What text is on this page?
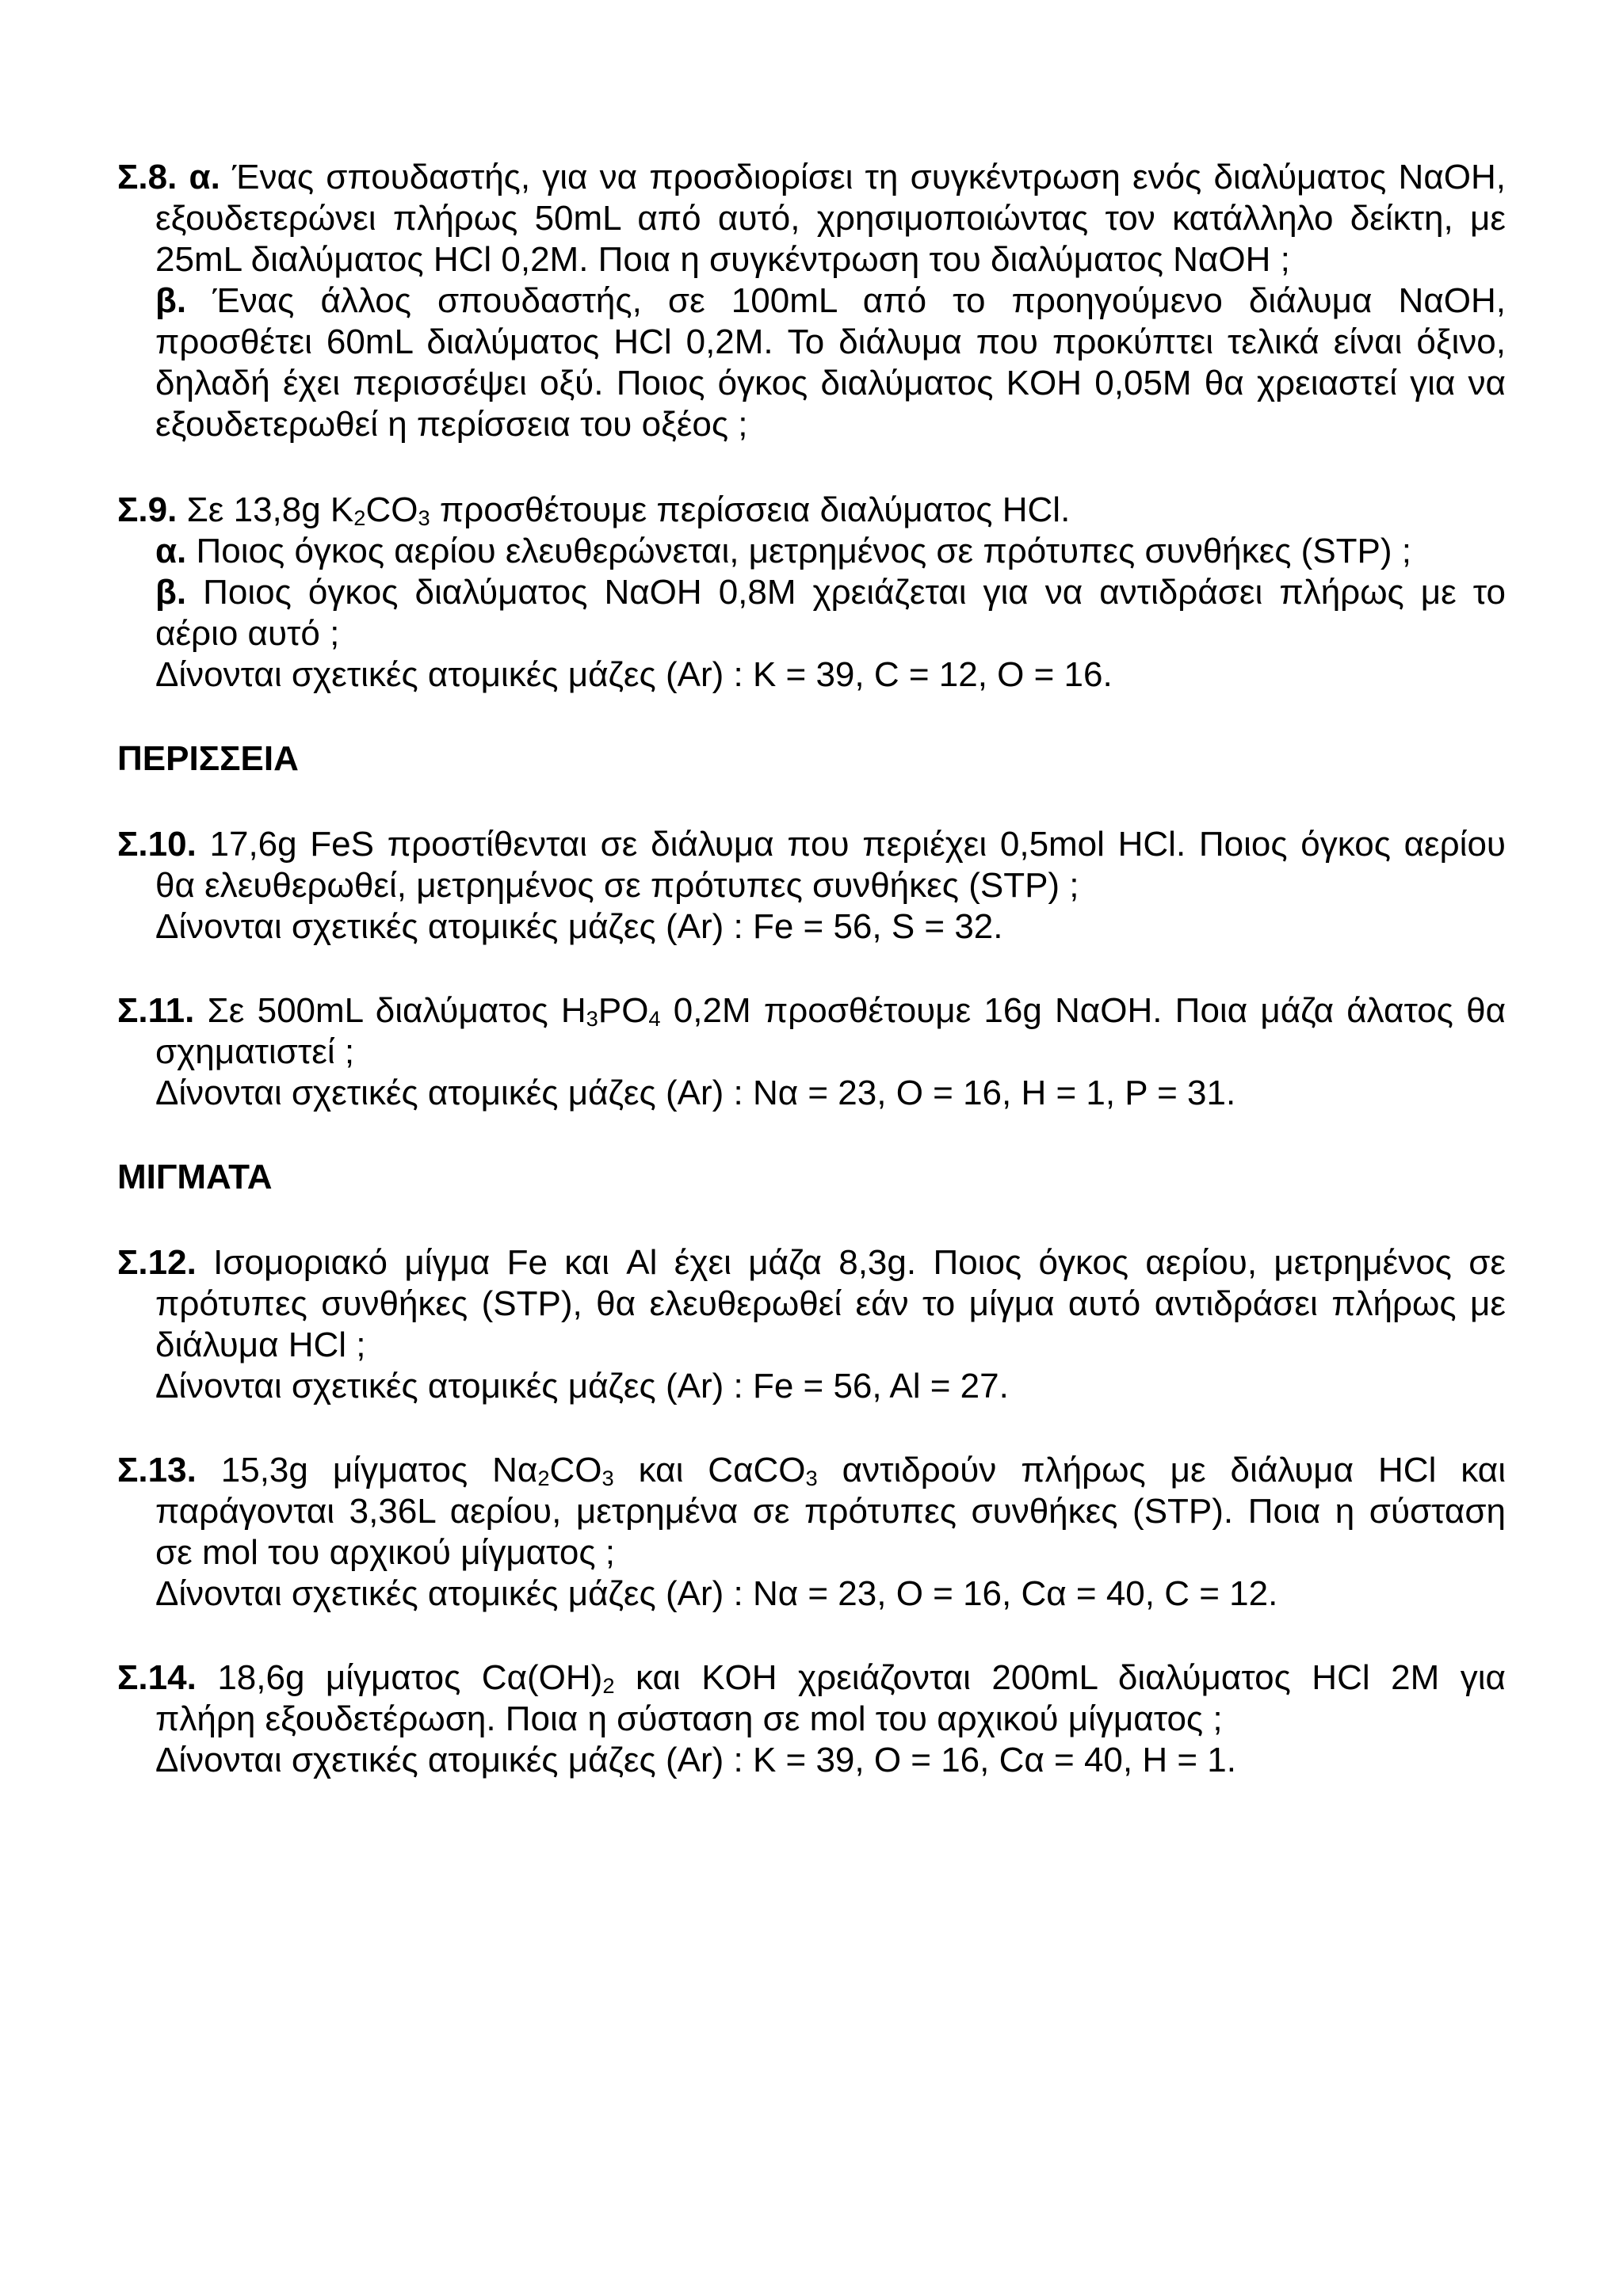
Σ.8. α. Ένας σπουδαστής, για να προσδιορίσει τη συγκέντρωση ενός διαλύματος NαOH,
εξουδετερώνει πλήρως 50mL από αυτό, χρησιμοποιώντας τον κατάλληλο δείκτη, με
25mL διαλύματος HCl 0,2M. Ποια η συγκέντρωση του διαλύματος NαOH ;
β. Ένας άλλος σπουδαστής, σε 100mL από το προηγούμενο διάλυμα NαOH,
προσθέτει 60mL διαλύματος HCl 0,2M. Το διάλυμα που προκύπτει τελικά είναι όξινο,
δηλαδή έχει περισσέψει οξύ. Ποιος όγκος διαλύματος KOH 0,05M θα χρειαστεί για να
εξουδετερωθεί η περίσσεια του οξέος ;
Σ.9. Σε 13,8g $K_2CO_3$ προσθέτουμε περίσσεια διαλύματος HCl.
α. Ποιος όγκος αερίου ελευθερώνεται, μετρημένος σε πρότυπες συνθήκες (STP) ;
β. Ποιος όγκος διαλύματος NαOH 0,8M χρειάζεται για να αντιδράσει πλήρως με το
αέριο αυτό ;
Δίνονται σχετικές ατομικές μάζες (Ar) : K = 39, C = 12, O = 16.
ΠΕΡΙΣΣΕΙΑ
Σ.10. 17,6g FeS προστίθενται σε διάλυμα που περιέχει 0,5mol HCl. Ποιος όγκος αερίου
θα ελευθερωθεί, μετρημένος σε πρότυπες συνθήκες (STP) ;
Δίνονται σχετικές ατομικές μάζες (Ar) : Fe = 56, S = 32.
Σ.11. Σε 500mL διαλύματος $H_3PO_4$ 0,2M προσθέτουμε 16g NαOH. Ποια μάζα άλατος θα
σχηματιστεί ;
Δίνονται σχετικές ατομικές μάζες (Ar) : Nα = 23, O = 16, H = 1, P = 31.
ΜΙΓΜΑΤΑ
Σ.12. Ισομοριακό μίγμα Fe και Al έχει μάζα 8,3g. Ποιος όγκος αερίου, μετρημένος σε
πρότυπες συνθήκες (STP), θα ελευθερωθεί εάν το μίγμα αυτό αντιδράσει πλήρως με
διάλυμα HCl ;
Δίνονται σχετικές ατομικές μάζες (Ar) : Fe = 56, Al = 27.
Σ.13. 15,3g μίγματος $N\alpha_2CO_3$ και CαCO$_3$ αντιδρούν πλήρως με διάλυμα HCl και
παράγονται 3,36L αερίου, μετρημένα σε πρότυπες συνθήκες (STP). Ποια η σύσταση
σε mol του αρχικού μίγματος ;
Δίνονται σχετικές ατομικές μάζες (Ar) : Nα = 23, O = 16, Cα = 40, C = 12.
Σ.14. 18,6g μίγματος $C\alpha(OH)_2$ και KOH χρειάζονται 200mL διαλύματος HCl 2M για
πλήρη εξουδετέρωση. Ποια η σύσταση σε mol του αρχικού μίγματος ;
Δίνονται σχετικές ατομικές μάζες (Ar) : K = 39, O = 16, Cα = 40, H = 1.
